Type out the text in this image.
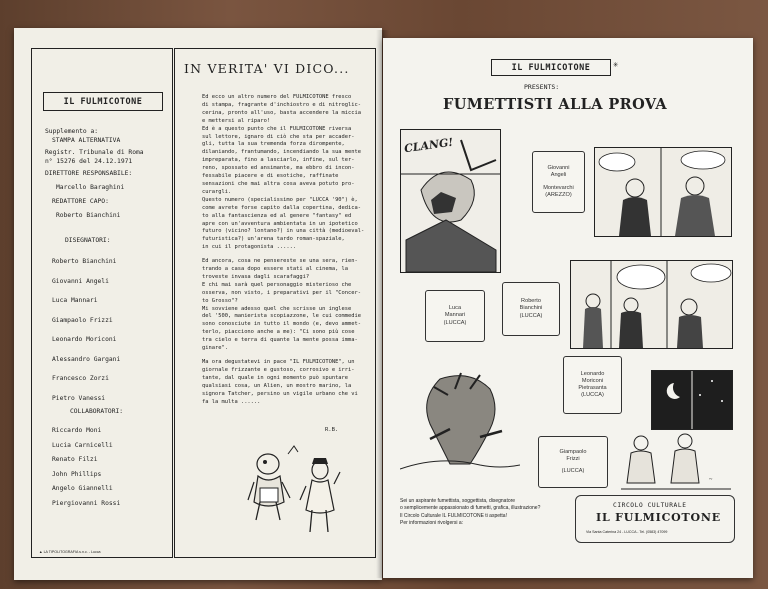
IL FULMICOTONE
Supplemento a:
STAMPA ALTERNATIVA
Registr. Tribunale di Roma
n° 15276 del 24.12.1971
DIRETTORE RESPONSABILE:
Marcello Baraghini
REDATTORE CAPO:
Roberto Bianchini
DISEGNATORI:
Roberto Bianchini
Giovanni Angeli
Luca Mannari
Giampaolo Frizzi
Leonardo Moriconi
Alessandro Gargani
Francesco Zorzi
Pietro Vanessi
COLLABORATORI:
Riccardo Moni
Lucia Carnicelli
Renato Filzi
John Phillips
Angelo Giannelli
Piergiovanni Rossi
▲ LA TIPOLITOGRAFIA s.n.c. - Lucca
IN VERITA' VI DICO...
Ed ecco un altro numero del FULMICOTONE fresco
di stampa, fragrante d'inchiostro e di nitroglic-
cerina, pronto all'uso, basta accendere la miccia
e mettersi al riparo!
Ed è a questo punto che il FULMICOTONE riversa
sul lettore, ignaro di ciò che sta per accader-
gli, tutta la sua tremenda forza dirompente,
dilaniando, frantumando, incendiando la sua mente
impreparata, fino a lasciarlo, infine, sul ter-
reno, spossato ed ansimante, ma ebbro di incon-
fessabile piacere e di esotiche, raffinate
sensazioni che mai altra cosa aveva potuto pro-
curargli.
Questo numero (specialissimo per "LUCCA '90") è,
come avrete forse capito dalla copertina, dedica-
to alla fantascienza ed al genere "fantasy" ed
apre con un'avventura ambientata in un ipotetico
futuro (vicino? lontano?) in una città (medioeval-
futuristica?) un'arena tardo roman-spaziale,
in cui il protagonista ......
Ed ancora, cosa ne pensereste se una sera, rien-
trando a casa dopo essere stati al cinema, la
troveste invasa dagli scarafaggi?
E chi mai sarà quel personaggio misterioso che
osserva, non visto, i preparativi per il "Concer-
to Grosso"?
Mi sovviene adesso quel che scrisse un inglese
del '500, manierista scopiazzone, le cui commedie
sono conosciute in tutto il mondo (e, devo ammet-
terlo, piacciono anche a me): "Ci sono più cose
tra cielo e terra di quante la mente possa imma-
ginare".
Ma ora degustatevi in pace "IL FULMICOTONE", un
giornale frizzante e gustoso, corrosivo e irri-
tante, dal quale in ogni momento può spuntare
qualsiasi cosa, un Alien, un mostro marino, la
signora Tatcher, persino un vigile urbano che vi
fa la multa ......
R.B.
IL FULMICOTONE	✳
PRESENTS:
FUMETTISTI ALLA PROVA
CLANG!
~
Giovanni
Angeli
Montevarchi
(AREZZO)
Luca
Mannari
(LUCCA)
Roberto
Bianchini
(LUCCA)
Leonardo
Moriconi
Pietrasanta
(LUCCA)
Giampaolo
Frizzi
(LUCCA)
Sei un aspirante fumettista, soggettista, disegnatore
o semplicemente appassionato di fumetti, grafica, illustrazione?
Il Circolo Culturale IL FULMICOTONE ti aspetta!
Per informazioni rivolgersi a:
CIRCOLO CULTURALE
IL FULMICOTONE
Via Santa Caterina 24 - LUCCA - Tel. (0583) 47099
